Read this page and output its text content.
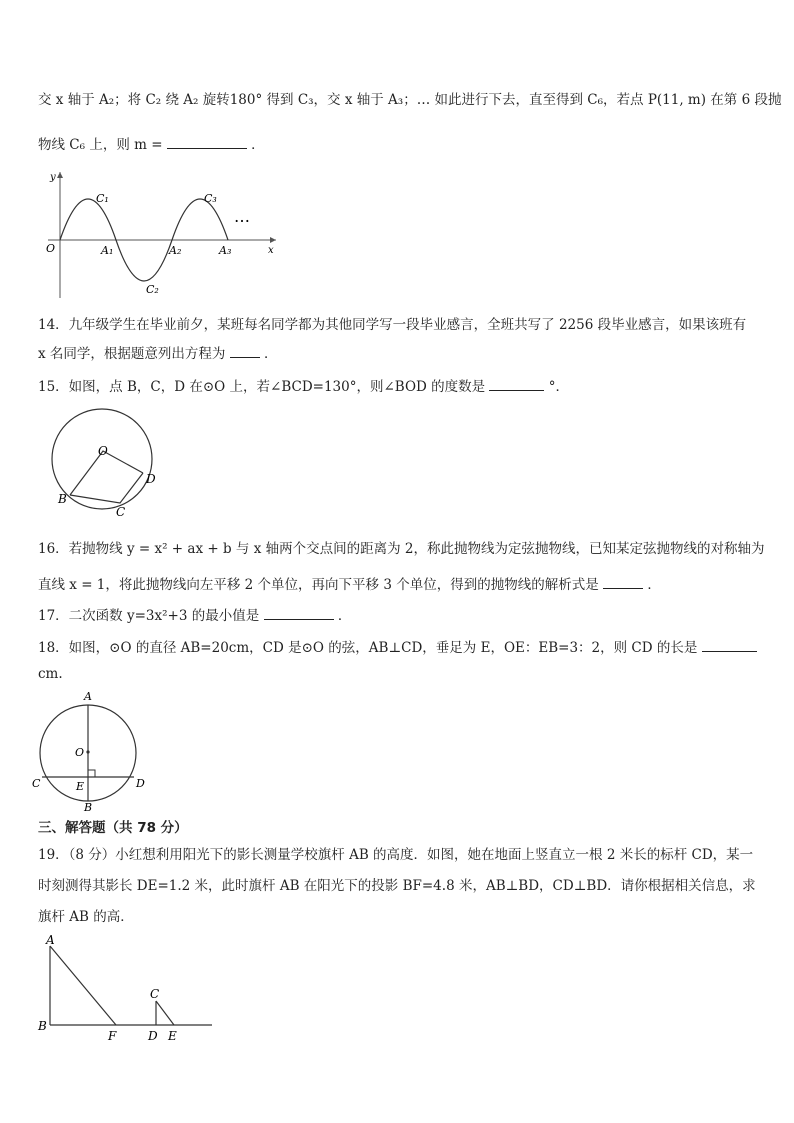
交 x 轴于 A₂；将 C₂ 绕 A₂ 旋转180° 得到 C₃，交 x 轴于 A₃；… 如此进行下去，直至得到 C₆，若点 P(11, m) 在第 6 段抛
物线 C₆ 上，则 m =	．
y
x
O
C₁
C₂
C₃
A₁	A₂	A₃
…
14．九年级学生在毕业前夕，某班每名同学都为其他同学写一段毕业感言，全班共写了 2256 段毕业感言，如果该班有
x 名同学，根据题意列出方程为	．
15．如图，点 B，C，D 在⊙O 上，若∠BCD=130°，则∠BOD 的度数是	°．
O
B
C
D
16．若抛物线 y = x² + ax + b 与 x 轴两个交点间的距离为 2，称此抛物线为定弦抛物线，已知某定弦抛物线的对称轴为
直线 x = 1，将此抛物线向左平移 2 个单位，再向下平移 3 个单位，得到的抛物线的解析式是	．
17．二次函数 y=3x²+3 的最小值是	．
18．如图，⊙O 的直径 AB=20cm，CD 是⊙O 的弦，AB⊥CD，垂足为 E，OE：EB=3：2，则 CD 的长是
cm.
A
O
C	E	D
B
三、解答题（共 78 分）
19．（8 分）小红想利用阳光下的影长测量学校旗杆 AB 的高度．如图，她在地面上竖直立一根 2 米长的标杆 CD，某一
时刻测得其影长 DE=1.2 米，此时旗杆 AB 在阳光下的投影 BF=4.8 米，AB⊥BD，CD⊥BD．请你根据相关信息，求
旗杆 AB 的高．
A
B
F
C
D E
